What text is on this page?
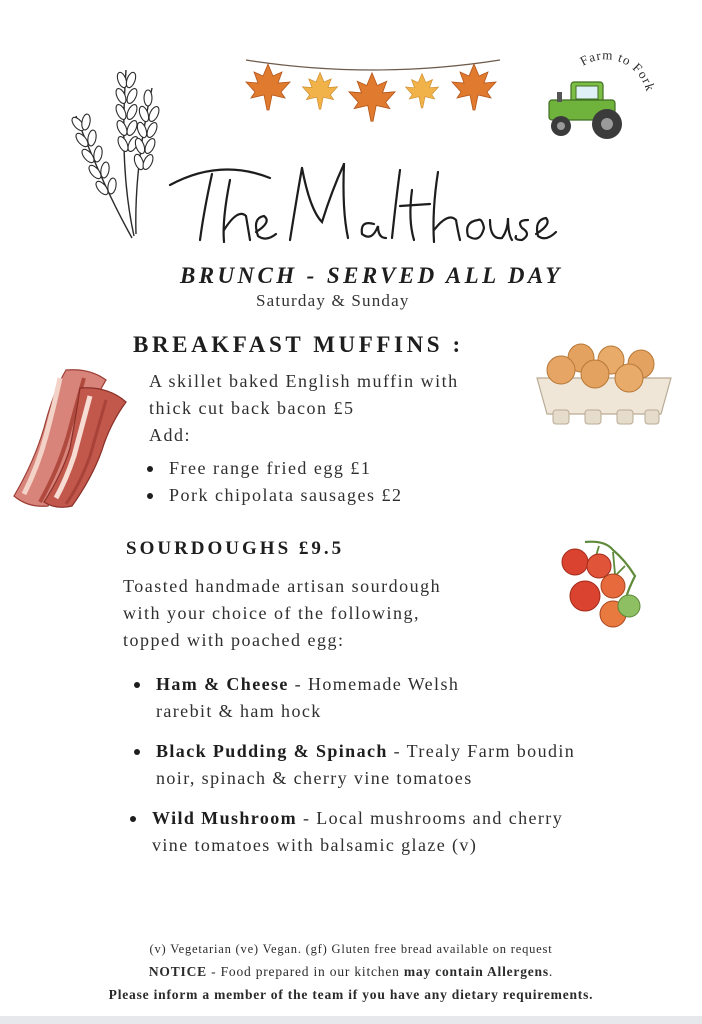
Farm to Fork
BRUNCH - SERVED ALL DAY
Saturday & Sunday
BREAKFAST MUFFINS :
A skillet baked English muffin with
thick cut back bacon £5
Add:
Free range fried egg £1
Pork chipolata sausages £2
SOURDOUGHS £9.5
Toasted handmade artisan sourdough
with your choice of the following,
topped with poached egg:
Ham & Cheese - Homemade Welsh
rarebit & ham hock
Black Pudding & Spinach - Trealy Farm boudin
noir, spinach & cherry vine tomatoes
Wild Mushroom - Local mushrooms and cherry
vine tomatoes with balsamic glaze (v)
(v) Vegetarian (ve) Vegan. (gf) Gluten free bread available on request
NOTICE - Food prepared in our kitchen may contain Allergens.
Please inform a member of the team if you have any dietary requirements.
